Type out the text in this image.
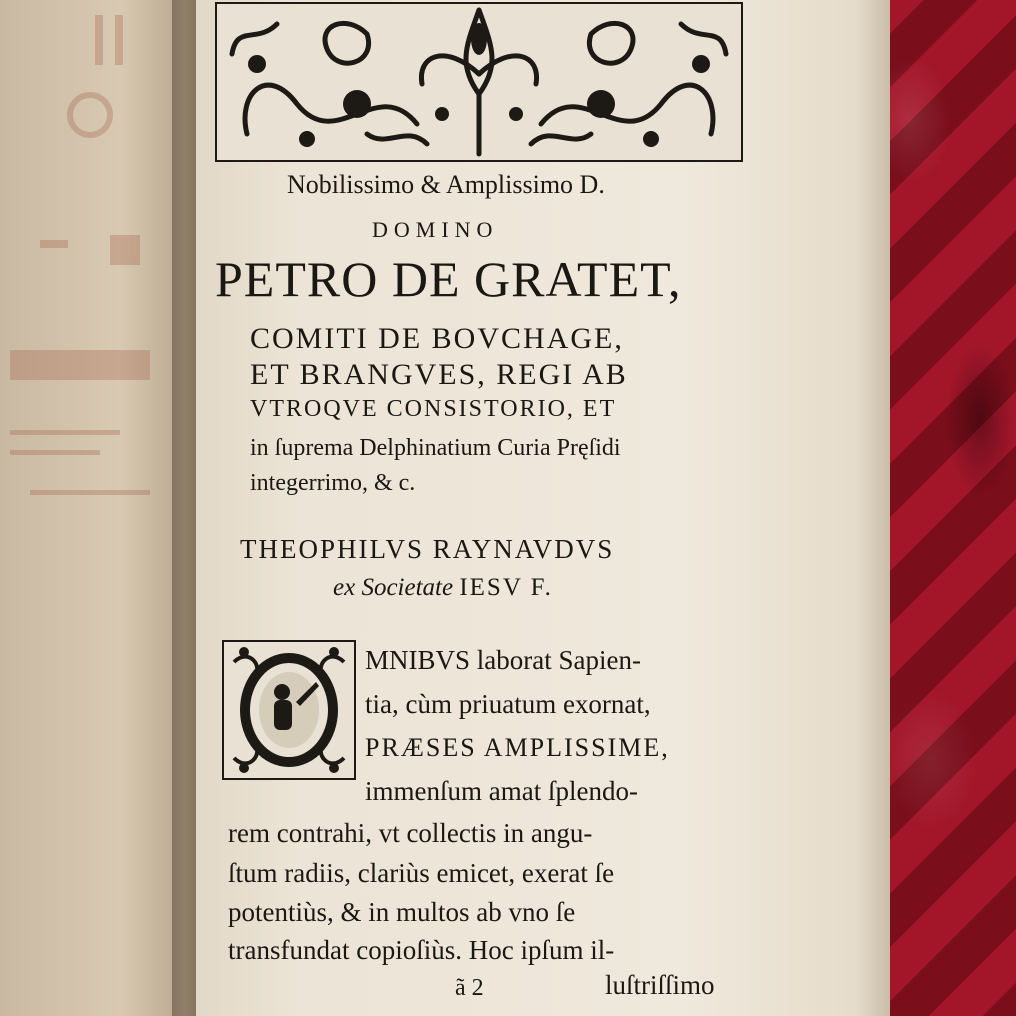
Nobilissimo & Amplissimo D.

DOMINO

PETRO DE GRATET,

COMITI DE BOVCHAGE,

ET BRANGVES, REGI AB

VTROQVE CONSISTORIO, ET

in ſuprema Delphinatium Curia Pręſidi

integerrimo, & c.

THEOPHILVS RAYNAVDVS

ex Societate IESV F.

MNIBVS laborat Sapien-

tia, cùm priuatum exornat,

PRÆSES AMPLISSIME,

immenſum amat ſplendo-

rem contrahi, vt collectis in angu-

ſtum radiis, clariùs emicet, exerat ſe

potentiùs, & in multos ab vno ſe

transfundat copioſiùs. Hoc ipſum il-

ã 2	luſtriſſimo
